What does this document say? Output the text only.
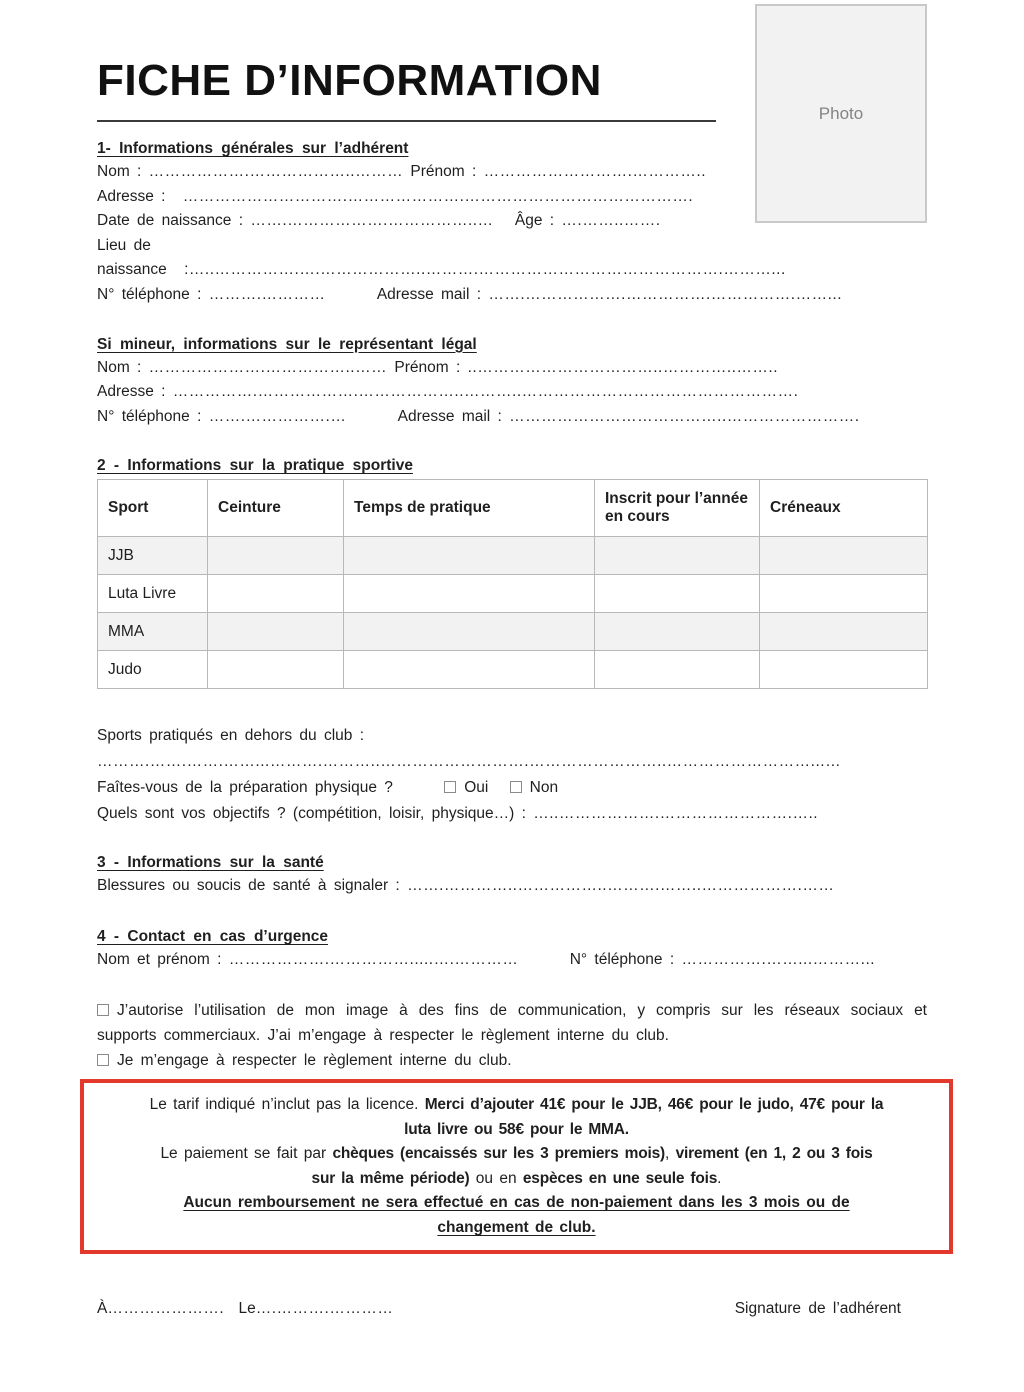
Photo
FICHE D’INFORMATION
1- Informations générales sur l’adhérent

Nom : ……………….………………..……… Prénom : ……………………….…………..

Adresse : ………………………….………………….…………………………………….

Date de naissance : …….……………….……………..… Âge : ….……..…….

Lieu de

naissance :…..…………….….………………..……….……………………………………….………...

N° téléphone : ……….…………	Adresse mail : …….……………….…………….…………….……...

Si mineur, informations sur le représentant légal

Nom : ………………….……………..…… Prénom : ..……………………………..…………..……..

Adresse : …………….……………….………………..………..…………………………………………….

N° téléphone : …….…………….…	Adresse mail : …………………………………..…………………….

2 - Informations sur la pratique sportive
Sport	Ceinture	Temps de pratique	Inscrit pour l’année en cours	Créneaux
JJB				
Luta Livre				
MMA				
Judo				

Sports pratiqués en dehors du club :

……….…….…….……...……….………..……………………….……………………..………………………...…

Faîtes-vous de la préparation physique ?	Oui	Non

Quels sont vos objectifs ? (compétition, loisir, physique…) : …..……………….…………………….…..

3 - Informations sur la santé

Blessures ou soucis de santé à signaler : …….…………..……………..……….……..……………….……

4 - Contact en cas d’urgence

Nom et prénom : ……………….…………….....….…………	N° téléphone : …………….……...………...

J’autorise l’utilisation de mon image à des fins de communication, y compris sur les réseaux sociaux et supports commerciaux. J’ai m’engage à respecter le règlement interne du club.

Je m’engage à respecter le règlement interne du club.

Le tarif indiqué n’inclut pas la licence. Merci d’ajouter 41€ pour le JJB, 46€ pour le judo, 47€ pour la

luta livre ou 58€ pour le MMA.

Le paiement se fait par chèques (encaissés sur les 3 premiers mois), virement (en 1, 2 ou 3 fois

sur la même période) ou en espèces en une seule fois.

Aucun remboursement ne sera effectué en cas de non-paiement dans les 3 mois ou de

changement de club.

À…………………. Le….……….…………	Signature de l’adhérent
